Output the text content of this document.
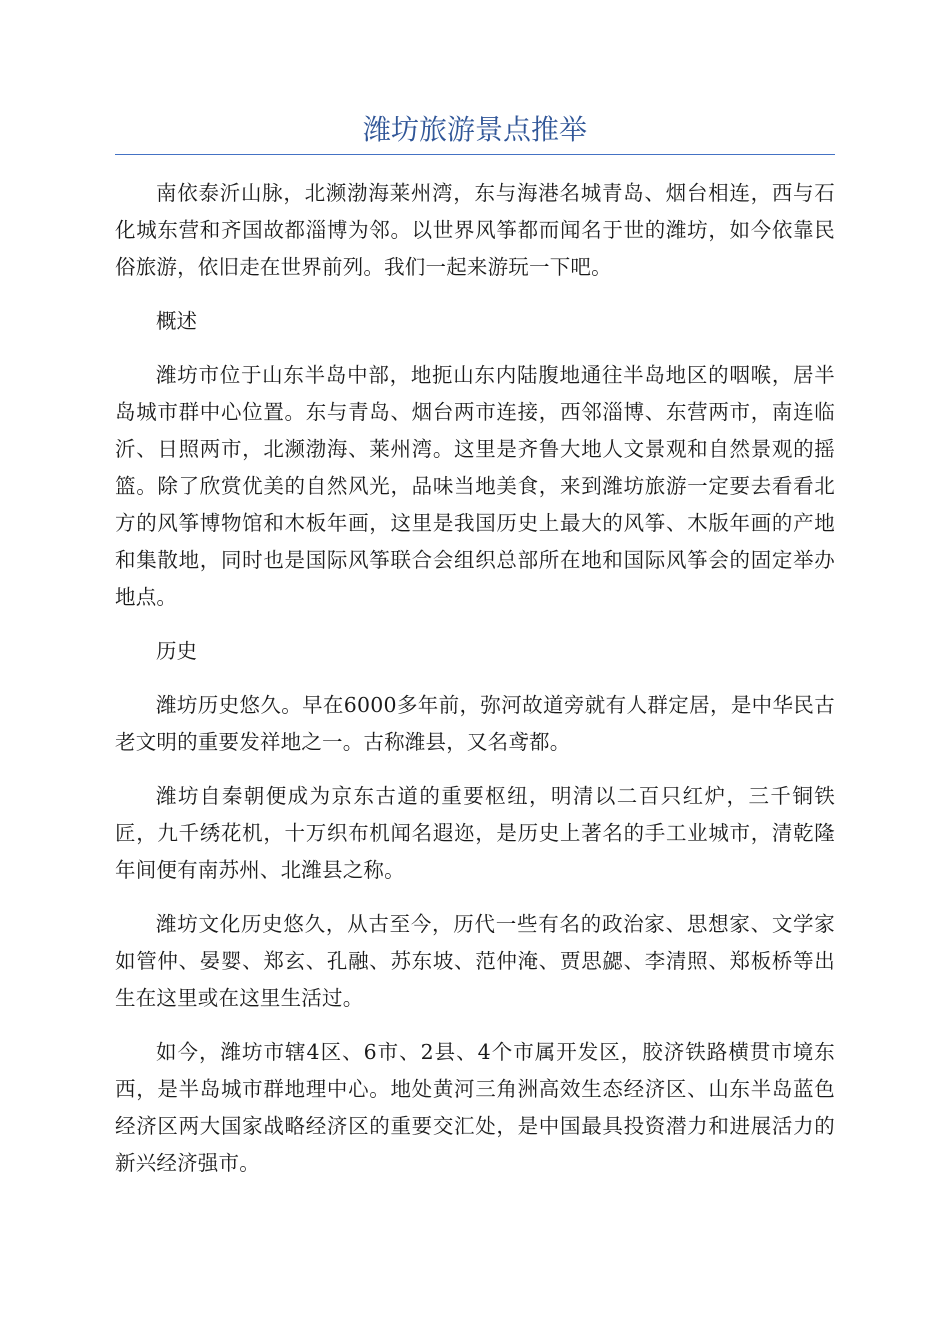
潍坊旅游景点推举

南依泰沂山脉，北濒渤海莱州湾，东与海港名城青岛、烟台相连，西与石化城东营和齐国故都淄博为邻。以世界风筝都而闻名于世的潍坊，如今依靠民俗旅游，依旧走在世界前列。我们一起来游玩一下吧。

概述

潍坊市位于山东半岛中部，地扼山东内陆腹地通往半岛地区的咽喉，居半岛城市群中心位置。东与青岛、烟台两市连接，西邻淄博、东营两市，南连临沂、日照两市，北濒渤海、莱州湾。这里是齐鲁大地人文景观和自然景观的摇篮。除了欣赏优美的自然风光，品味当地美食，来到潍坊旅游一定要去看看北方的风筝博物馆和木板年画，这里是我国历史上最大的风筝、木版年画的产地和集散地，同时也是国际风筝联合会组织总部所在地和国际风筝会的固定举办地点。

历史

潍坊历史悠久。早在6000多年前，弥河故道旁就有人群定居，是中华民古老文明的重要发祥地之一。古称潍县，又名鸢都。

潍坊自秦朝便成为京东古道的重要枢纽，明清以二百只红炉，三千铜铁匠，九千绣花机，十万织布机闻名遐迩，是历史上著名的手工业城市，清乾隆年间便有南苏州、北潍县之称。

潍坊文化历史悠久，从古至今，历代一些有名的政治家、思想家、文学家如管仲、晏婴、郑玄、孔融、苏东坡、范仲淹、贾思勰、李清照、郑板桥等出生在这里或在这里生活过。

如今，潍坊市辖4区、6市、2县、4个市属开发区，胶济铁路横贯市境东西，是半岛城市群地理中心。地处黄河三角洲高效生态经济区、山东半岛蓝色经济区两大国家战略经济区的重要交汇处，是中国最具投资潜力和进展活力的新兴经济强市。
